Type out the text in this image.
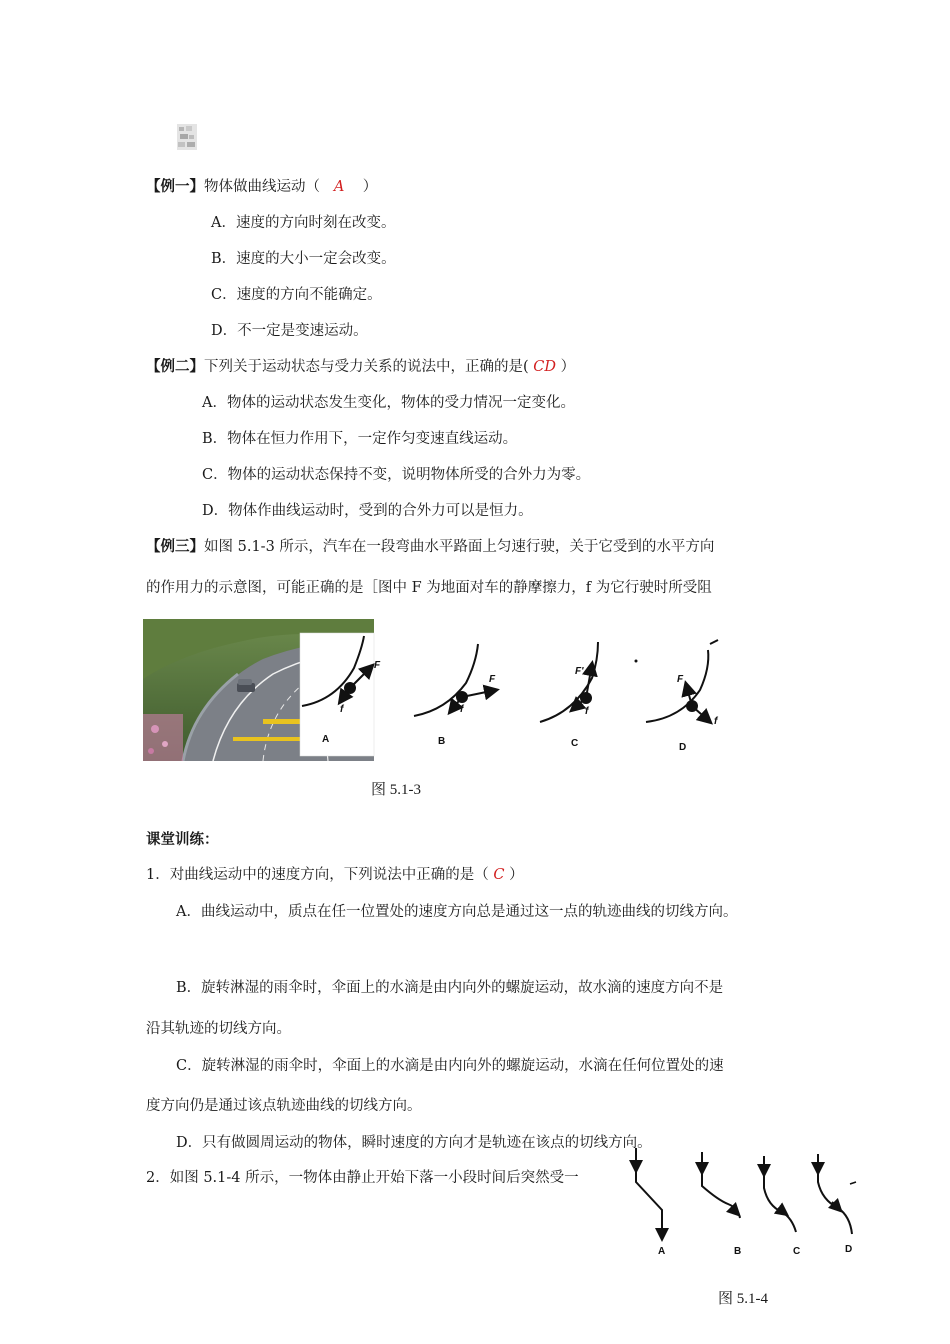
【例一】物体做曲线运动（ A ）
A．速度的方向时刻在改变。
B．速度的大小一定会改变。
C．速度的方向不能确定。
D．不一定是变速运动。
【例二】下列关于运动状态与受力关系的说法中，正确的是( CD ）
A．物体的运动状态发生变化，物体的受力情况一定变化。
B．物体在恒力作用下，一定作匀变速直线运动。
C．物体的运动状态保持不变，说明物体所受的合外力为零。
D．物体作曲线运动时，受到的合外力可以是恒力。
【例三】如图 5.1-3 所示，汽车在一段弯曲水平路面上匀速行驶，关于它受到的水平方向
的作用力的示意图，可能正确的是［图中 F 为地面对车的静摩擦力，f 为它行驶时所受阻
F
f
F
f
F'
f
F
f
A	B	C	D
图 5.1-3
课堂训练：
1．对曲线运动中的速度方向，下列说法中正确的是（ C ）
A．曲线运动中，质点在任一位置处的速度方向总是通过这一点的轨迹曲线的切线方向。
B．旋转淋湿的雨伞时，伞面上的水滴是由内向外的螺旋运动，故水滴的速度方向不是
沿其轨迹的切线方向。
C．旋转淋湿的雨伞时，伞面上的水滴是由内向外的螺旋运动，水滴在任何位置处的速
度方向仍是通过该点轨迹曲线的切线方向。
D．只有做圆周运动的物体，瞬时速度的方向才是轨迹在该点的切线方向。
2．如图 5.1-4 所示，一物体由静止开始下落一小段时间后突然受一
A	B	C	D
图 5.1-4
